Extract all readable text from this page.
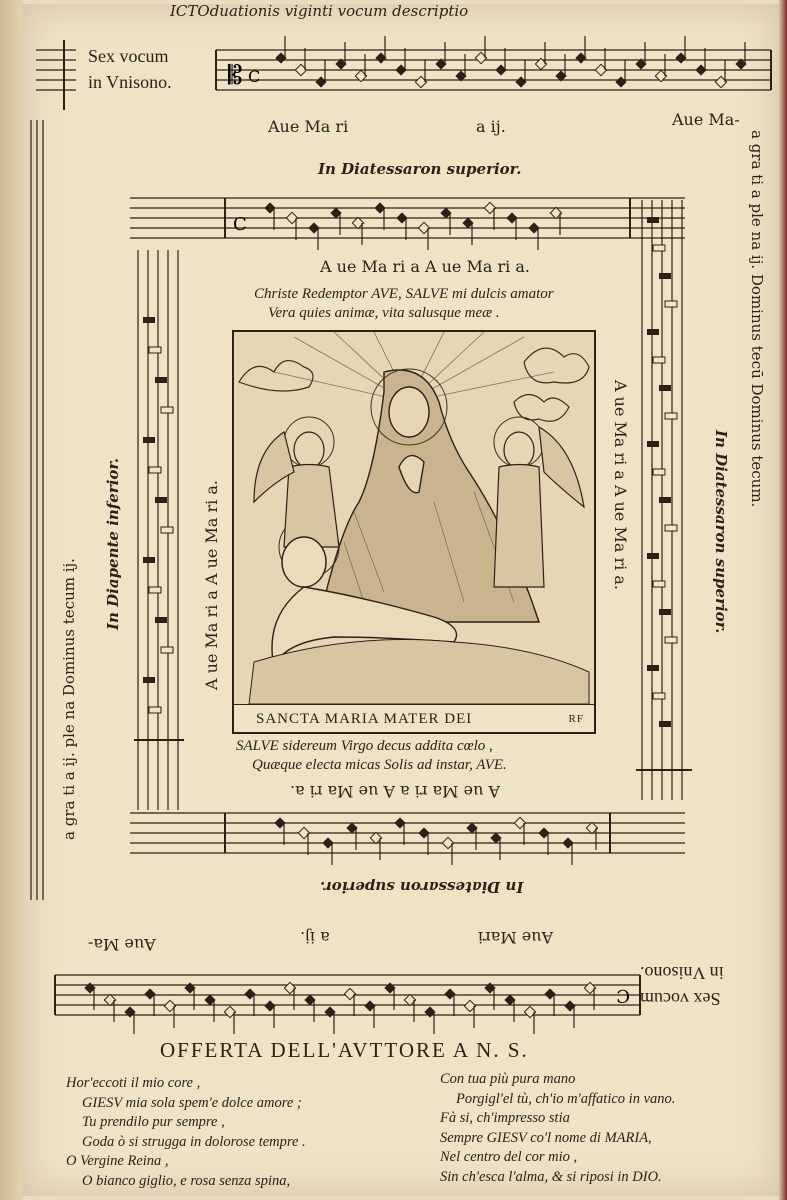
ICTOduationis viginti vocum descriptio
Sex vocum
in Vnisono. 𝄡 C
Aue Ma ri	a ij.	Aue Ma-
In Diatessaron superior.
C
A ue Ma ri a A ue Ma ri a.
Christe Redemptor AVE, SALVE mi dulcis amator
Vera quies animæ, vita salusque meæ .
SANCTA MARIA MATER DEI	RF
SALVE sidereum Virgo decus addita cœlo ,
Quæque electa micas Solis ad instar, AVE.
A ue Ma ri a A ue Ma ri a.
In Diatessaron superior.
Aue Mari
a ij.
Aue Ma-
C Sex vocum
in Vnisono.
a gra ti a ij. ple na Dominus tecum ij.
In Diapente inferior.	A ue Ma ri a A ue Ma ri a.	A ue Ma ri a A ue Ma ri a.	In Diatessaron superior.
a gra ti a ple na ij. Dominus tecū Dominus tecum.
OFFERTA DELL'AVTTORE A N. S.
Hor'eccoti il mio core ,
GIESV mia sola spem'e dolce amore ;
Tu prendilo pur sempre ,
Goda ò si strugga in dolorose tempre .
O Vergine Reina ,
O bianco giglio, e rosa senza spina,
Con tua più pura mano
Porgigl'el tù, ch'io m'affatico in vano.
Fà si, ch'impresso stia
Sempre GIESV co'l nome di MARIA,
Nel centro del cor mio ,
Sin ch'esca l'alma, & si riposi in DIO.
